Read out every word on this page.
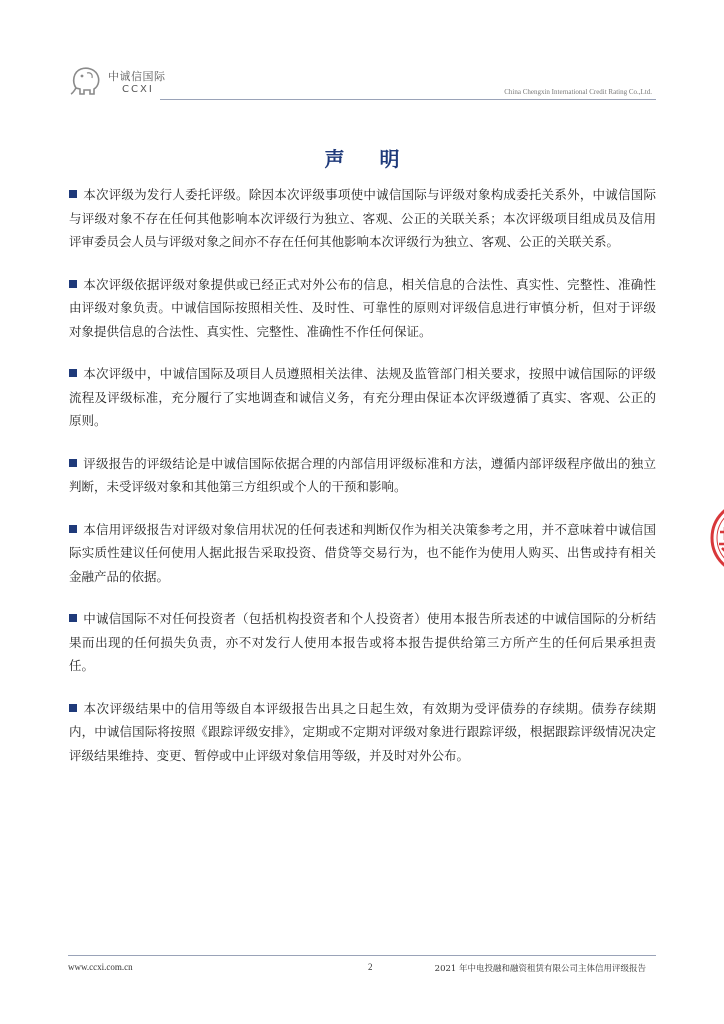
中诚信国际
CCXI	China Chengxin International Credit Rating Co.,Ltd.
声 明

本次评级为发行人委托评级。除因本次评级事项使中诚信国际与评级对象构成委托关系外，中诚信国际与评级对象不存在任何其他影响本次评级行为独立、客观、公正的关联关系；本次评级项目组成员及信用评审委员会人员与评级对象之间亦不存在任何其他影响本次评级行为独立、客观、公正的关联关系。

本次评级依据评级对象提供或已经正式对外公布的信息，相关信息的合法性、真实性、完整性、准确性由评级对象负责。中诚信国际按照相关性、及时性、可靠性的原则对评级信息进行审慎分析，但对于评级对象提供信息的合法性、真实性、完整性、准确性不作任何保证。

本次评级中，中诚信国际及项目人员遵照相关法律、法规及监管部门相关要求，按照中诚信国际的评级流程及评级标准，充分履行了实地调查和诚信义务，有充分理由保证本次评级遵循了真实、客观、公正的原则。

评级报告的评级结论是中诚信国际依据合理的内部信用评级标准和方法，遵循内部评级程序做出的独立判断，未受评级对象和其他第三方组织或个人的干预和影响。

本信用评级报告对评级对象信用状况的任何表述和判断仅作为相关决策参考之用，并不意味着中诚信国际实质性建议任何使用人据此报告采取投资、借贷等交易行为，也不能作为使用人购买、出售或持有相关金融产品的依据。

中诚信国际不对任何投资者（包括机构投资者和个人投资者）使用本报告所表述的中诚信国际的分析结果而出现的任何损失负责，亦不对发行人使用本报告或将本报告提供给第三方所产生的任何后果承担责任。

本次评级结果中的信用等级自本评级报告出具之日起生效，有效期为受评债券的存续期。债券存续期内，中诚信国际将按照《跟踪评级安排》，定期或不定期对评级对象进行跟踪评级，根据跟踪评级情况决定评级结果维持、变更、暂停或中止评级对象信用等级，并及时对外公布。

www.ccxi.com.cn	2	2021 年中电投融和融资租赁有限公司主体信用评级报告
